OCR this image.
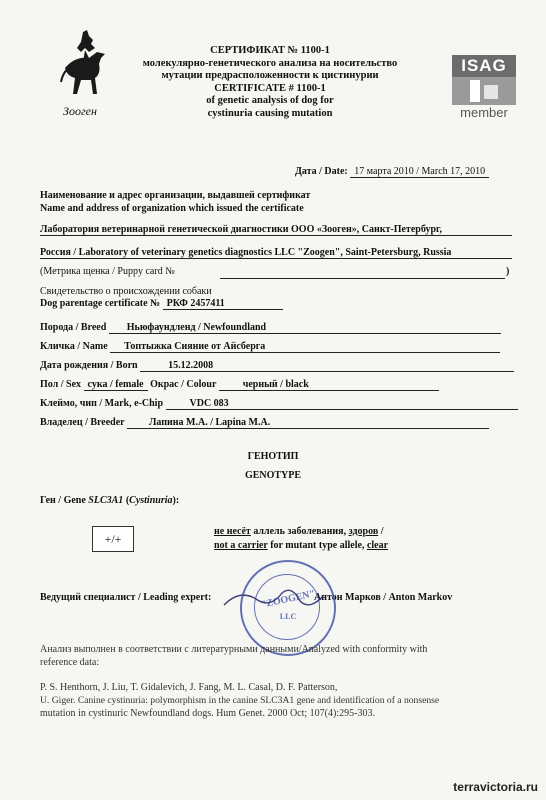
Зооген
ISAG
member
СЕРТИФИКАТ № 1100-1
молекулярно-генетического анализа на носительство
мутации предрасположенности к цистинурии
CERTIFICATE # 1100-1
of genetic analysis of dog for
cystinuria causing mutation
Дата / Date: 17 марта 2010 / March 17, 2010
Наименование и адрес организации, выдавшей сертификат
Name and address of organization which issued the certificate
Лаборатория ветеринарной генетической диагностики ООО «Зооген», Санкт-Петербург,
Россия / Laboratory of veterinary genetics diagnostics LLC "Zoogen", Saint-Petersburg, Russia
(Метрика щенка / Puppy card №	)
Свидетельство о происхождении собаки
Dog parentage certificate № РКФ 2457411
Порода / Breed Ньюфаундленд / Newfoundland
Кличка / Name Топтыжка Сияние от Айсберга
Дата рождения / Born	15.12.2008
Пол / Sex сука / female Окрас / Colour	черный / black
Клеймо, чип / Mark, e-Chip	VDC 083
Владелец / Breeder Лапина М.А. / Lapina M.A.
ГЕНОТИП
GENOTYPE
Ген / Gene SLC3A1 (Cystinuria):
+/+
не несёт аллель заболевания, здоров /
not a carrier for mutant type allele, clear
Ведущий специалист / Leading expert:	Антон Марков / Anton Markov
"ZOOGEN"
LLC
Анализ выполнен в соответствии с литературными данными/Analyzed with conformity with
reference data:
P. S. Henthorn, J. Liu, T. Gidalevich, J. Fang, M. L. Casal, D. F. Patterson,
U. Giger. Canine cystinuria: polymorphism in the canine SLC3A1 gene and identification of a nonsense
mutation in cystinuric Newfoundland dogs. Hum Genet. 2000 Oct; 107(4):295-303.
terravictoria.ru
